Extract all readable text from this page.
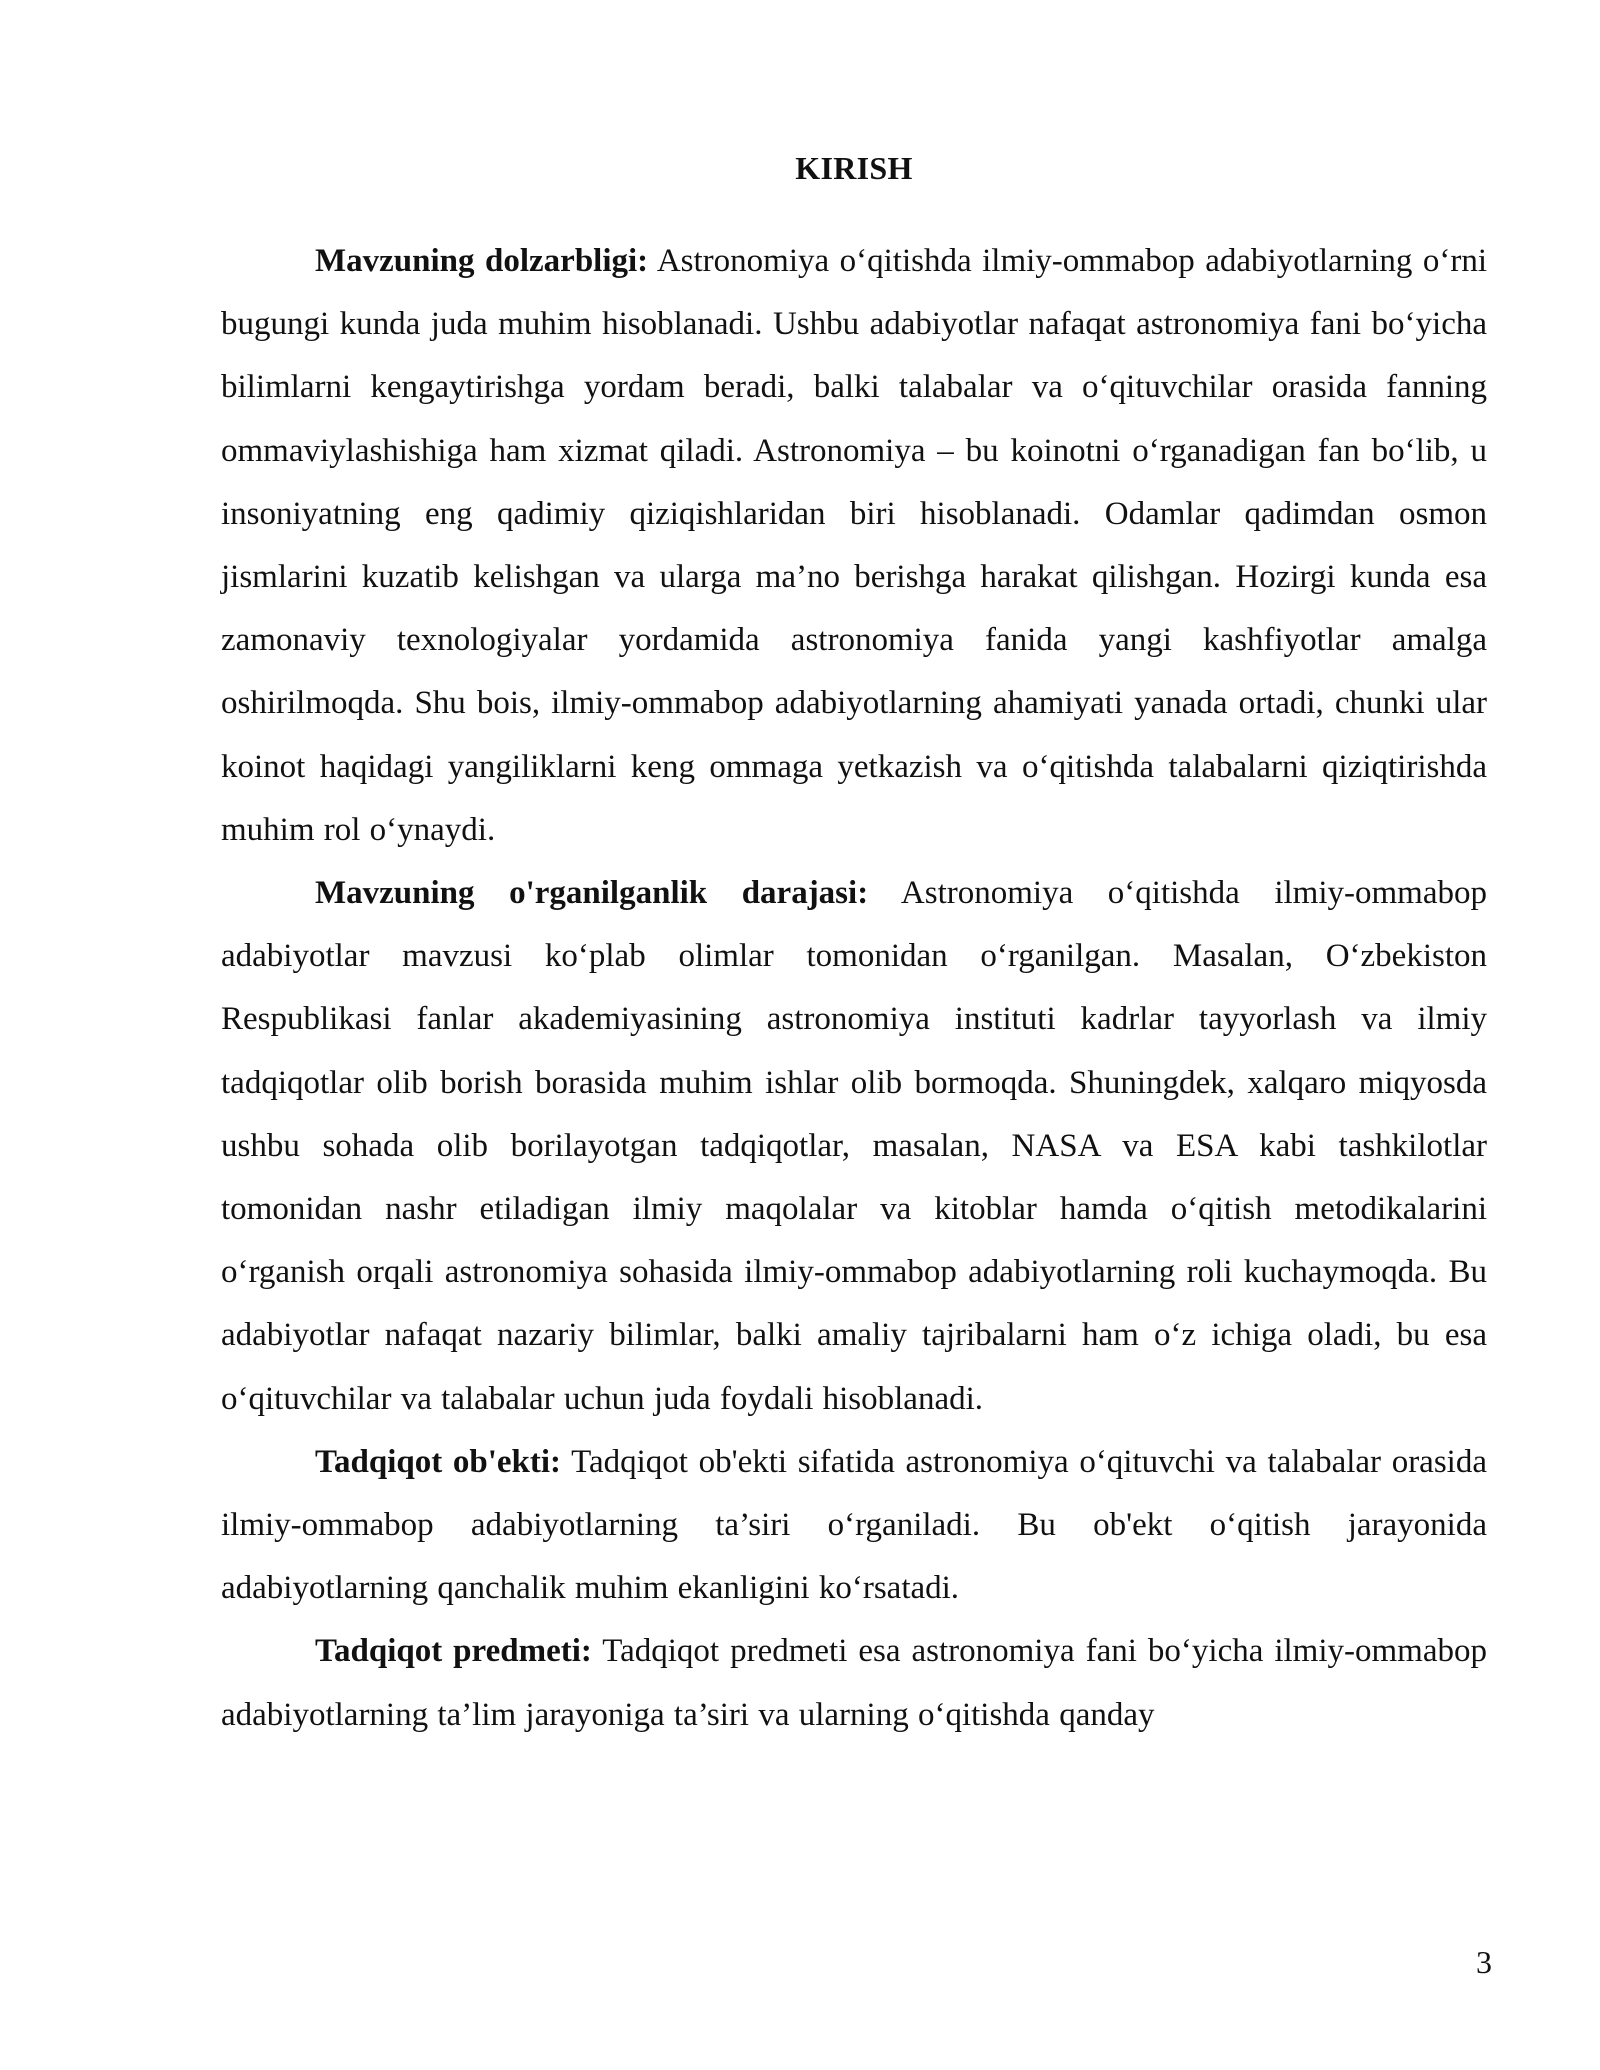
KIRISH

Mavzuning dolzarbligi: Astronomiya o‘qitishda ilmiy-ommabop adabiyotlarning o‘rni bugungi kunda juda muhim hisoblanadi. Ushbu adabiyotlar nafaqat astronomiya fani bo‘yicha bilimlarni kengaytirishga yordam beradi, balki talabalar va o‘qituvchilar orasida fanning ommaviylashishiga ham xizmat qiladi. Astronomiya – bu koinotni o‘rganadigan fan bo‘lib, u insoniyatning eng qadimiy qiziqishlaridan biri hisoblanadi. Odamlar qadimdan osmon jismlarini kuzatib kelishgan va ularga ma’no berishga harakat qilishgan. Hozirgi kunda esa zamonaviy texnologiyalar yordamida astronomiya fanida yangi kashfiyotlar amalga oshirilmoqda. Shu bois, ilmiy-ommabop adabiyotlarning ahamiyati yanada ortadi, chunki ular koinot haqidagi yangiliklarni keng ommaga yetkazish va o‘qitishda talabalarni qiziqtirishda muhim rol o‘ynaydi.

Mavzuning o'rganilganlik darajasi: Astronomiya o‘qitishda ilmiy-ommabop adabiyotlar mavzusi ko‘plab olimlar tomonidan o‘rganilgan. Masalan, O‘zbekiston Respublikasi fanlar akademiyasining astronomiya instituti kadrlar tayyorlash va ilmiy tadqiqotlar olib borish borasida muhim ishlar olib bormoqda. Shuningdek, xalqaro miqyosda ushbu sohada olib borilayotgan tadqiqotlar, masalan, NASA va ESA kabi tashkilotlar tomonidan nashr etiladigan ilmiy maqolalar va kitoblar hamda o‘qitish metodikalarini o‘rganish orqali astronomiya sohasida ilmiy-ommabop adabiyotlarning roli kuchaymoqda. Bu adabiyotlar nafaqat nazariy bilimlar, balki amaliy tajribalarni ham o‘z ichiga oladi, bu esa o‘qituvchilar va talabalar uchun juda foydali hisoblanadi.

Tadqiqot ob'ekti: Tadqiqot ob'ekti sifatida astronomiya o‘qituvchi va talabalar orasida ilmiy-ommabop adabiyotlarning ta’siri o‘rganiladi. Bu ob'ekt o‘qitish jarayonida adabiyotlarning qanchalik muhim ekanligini ko‘rsatadi.

Tadqiqot predmeti: Tadqiqot predmeti esa astronomiya fani bo‘yicha ilmiy-ommabop adabiyotlarning ta’lim jarayoniga ta’siri va ularning o‘qitishda qanday

3
